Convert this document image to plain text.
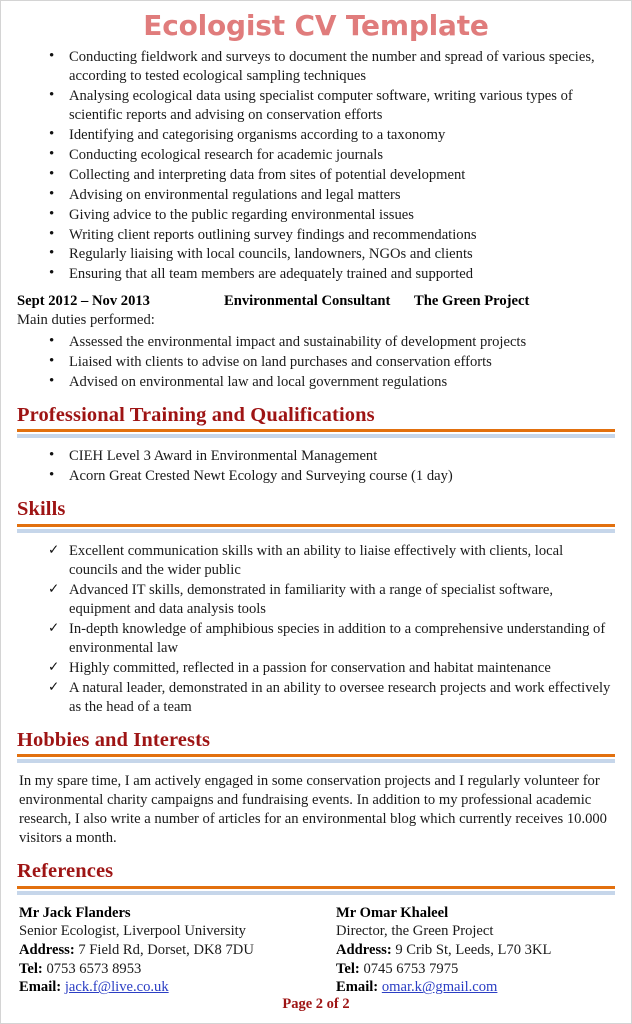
Ecologist CV Template
• Conducting fieldwork and surveys to document the number and spread of various species, according to tested ecological sampling techniques
• Analysing ecological data using specialist computer software, writing various types of scientific reports and advising on conservation efforts
• Identifying and categorising organisms according to a taxonomy
• Conducting ecological research for academic journals
• Collecting and interpreting data from sites of potential development
• Advising on environmental regulations and legal matters
• Giving advice to the public regarding environmental issues
• Writing client reports outlining survey findings and recommendations
• Regularly liaising with local councils, landowners, NGOs and clients
• Ensuring that all team members are adequately trained and supported
Sept 2012 – Nov 2013	Environmental Consultant	The Green Project
Main duties performed:
• Assessed the environmental impact and sustainability of development projects
• Liaised with clients to advise on land purchases and conservation efforts
• Advised on environmental law and local government regulations
Professional Training and Qualifications
• CIEH Level 3 Award in Environmental Management
• Acorn Great Crested Newt Ecology and Surveying course (1 day)
Skills
✓ Excellent communication skills with an ability to liaise effectively with clients, local councils and the wider public
✓ Advanced IT skills, demonstrated in familiarity with a range of specialist software, equipment and data analysis tools
✓ In-depth knowledge of amphibious species in addition to a comprehensive understanding of environmental law
✓ Highly committed, reflected in a passion for conservation and habitat maintenance
✓ A natural leader, demonstrated in an ability to oversee research projects and work effectively as the head of a team
Hobbies and Interests

In my spare time, I am actively engaged in some conservation projects and I regularly volunteer for environmental charity campaigns and fundraising events. In addition to my professional academic research, I also write a number of articles for an environmental blog which currently receives 10.000 visitors a month.

References
Mr Jack Flanders
Senior Ecologist, Liverpool University
Address: 7 Field Rd, Dorset, DK8 7DU
Tel: 0753 6573 8953
Email: jack.f@live.co.uk
Mr Omar Khaleel
Director, the Green Project
Address: 9 Crib St, Leeds, L70 3KL
Tel: 0745 6753 7975
Email: omar.k@gmail.com
Page 2 of 2
